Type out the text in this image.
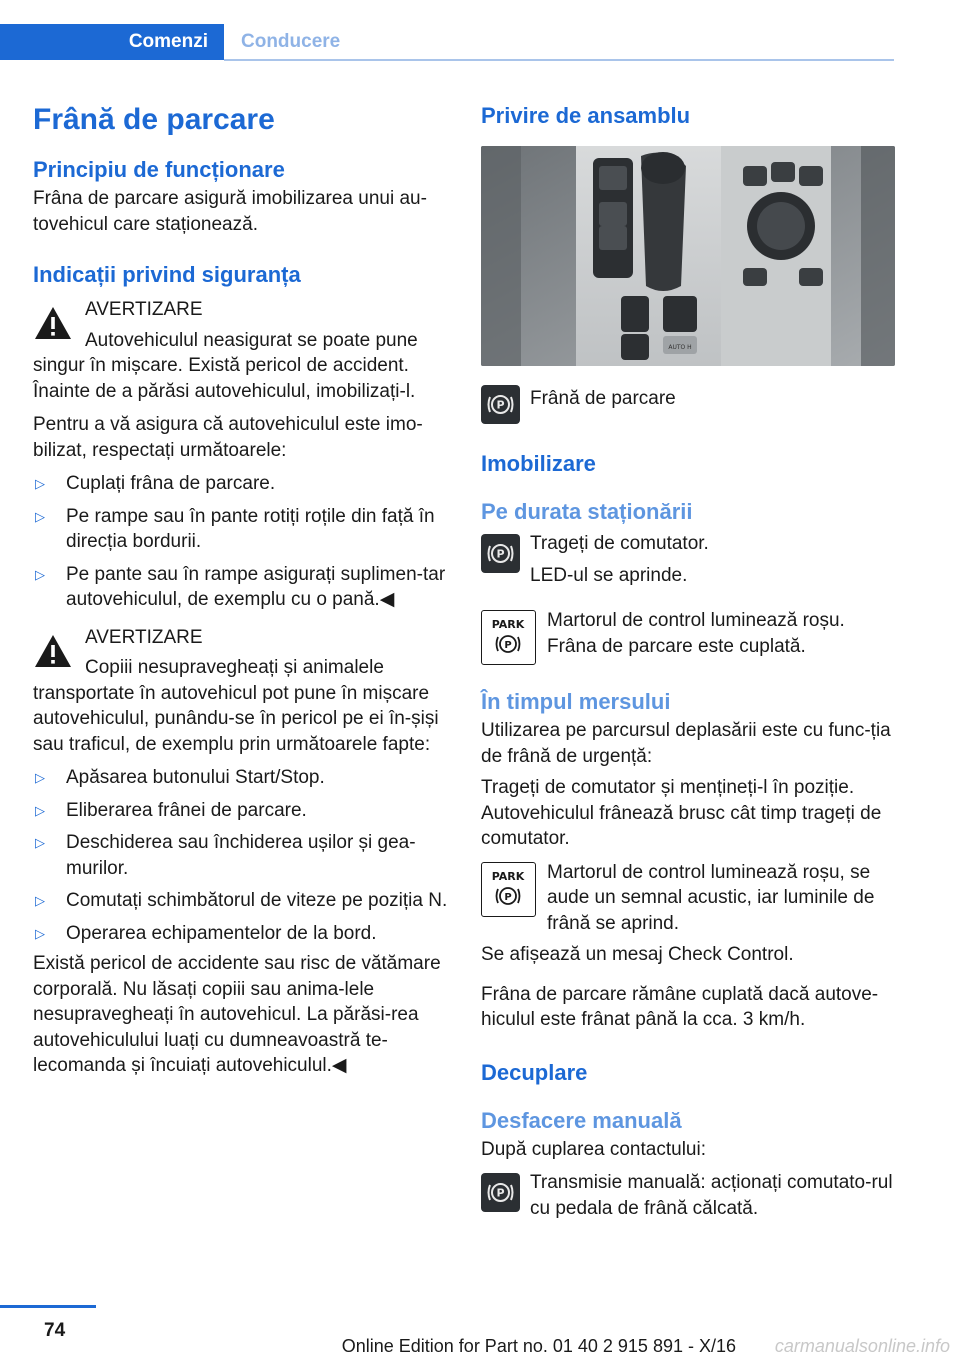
Comenzi	Conducere
Frână de parcare
Principiu de funcționare

Frâna de parcare asigură imobilizarea unui au-tovehicul care staționează.

Indicații privind siguranța

AVERTIZARE

Autovehiculul neasigurat se poate pune singur în mișcare. Există pericol de accident. Înainte de a părăsi autovehiculul, imobilizați-l.

Pentru a vă asigura că autovehiculul este imo-bilizat, respectați următoarele:

▷ Cuplați frâna de parcare.
▷ Pe rampe sau în pante rotiți roțile din față în direcția bordurii.
▷ Pe pante sau în rampe asigurați suplimen-tar autovehiculul, de exemplu cu o pană.◀

AVERTIZARE

Copiii nesupravegheați și animalele transportate în autovehicul pot pune în mișcare autovehiculul, punându-se în pericol pe ei în-șiși sau traficul, de exemplu prin următoarele fapte:

▷ Apăsarea butonului Start/Stop.
▷ Eliberarea frânei de parcare.
▷ Deschiderea sau închiderea ușilor și gea-murilor.
▷ Comutați schimbătorul de viteze pe poziția N.
▷ Operarea echipamentelor de la bord.

Există pericol de accidente sau risc de vătămare corporală. Nu lăsați copiii sau anima-lele nesupravegheați în autovehicul. La părăsi-rea autovehiculului luați cu dumneavoastră te-lecomanda și încuiați autovehiculul.◀

Privire de ansamblu
AUTO H
P Frână de parcare

Imobilizare
Pe durata staționării
P Trageți de comutator.

LED-ul se aprinde.

PARK
P

Martorul de control luminează roșu. Frâna de parcare este cuplată.

În timpul mersului

Utilizarea pe parcursul deplasării este cu func-ția de frână de urgență:

Trageți de comutator și mențineți-l în poziție. Autovehiculul frânează brusc cât timp trageți de comutator.

PARK
P

Martorul de control luminează roșu, se aude un semnal acustic, iar luminile de frână se aprind.

Se afișează un mesaj Check Control.

Frâna de parcare rămâne cuplată dacă autove-hiculul este frânat până la cca. 3 km/h.

Decuplare
Desfacere manuală

După cuplarea contactului:

P Transmisie manuală: acționați comutato-rul cu pedala de frână călcată.

74
Online Edition for Part no. 01 40 2 915 891 - X/16 carmanualsonline.info
